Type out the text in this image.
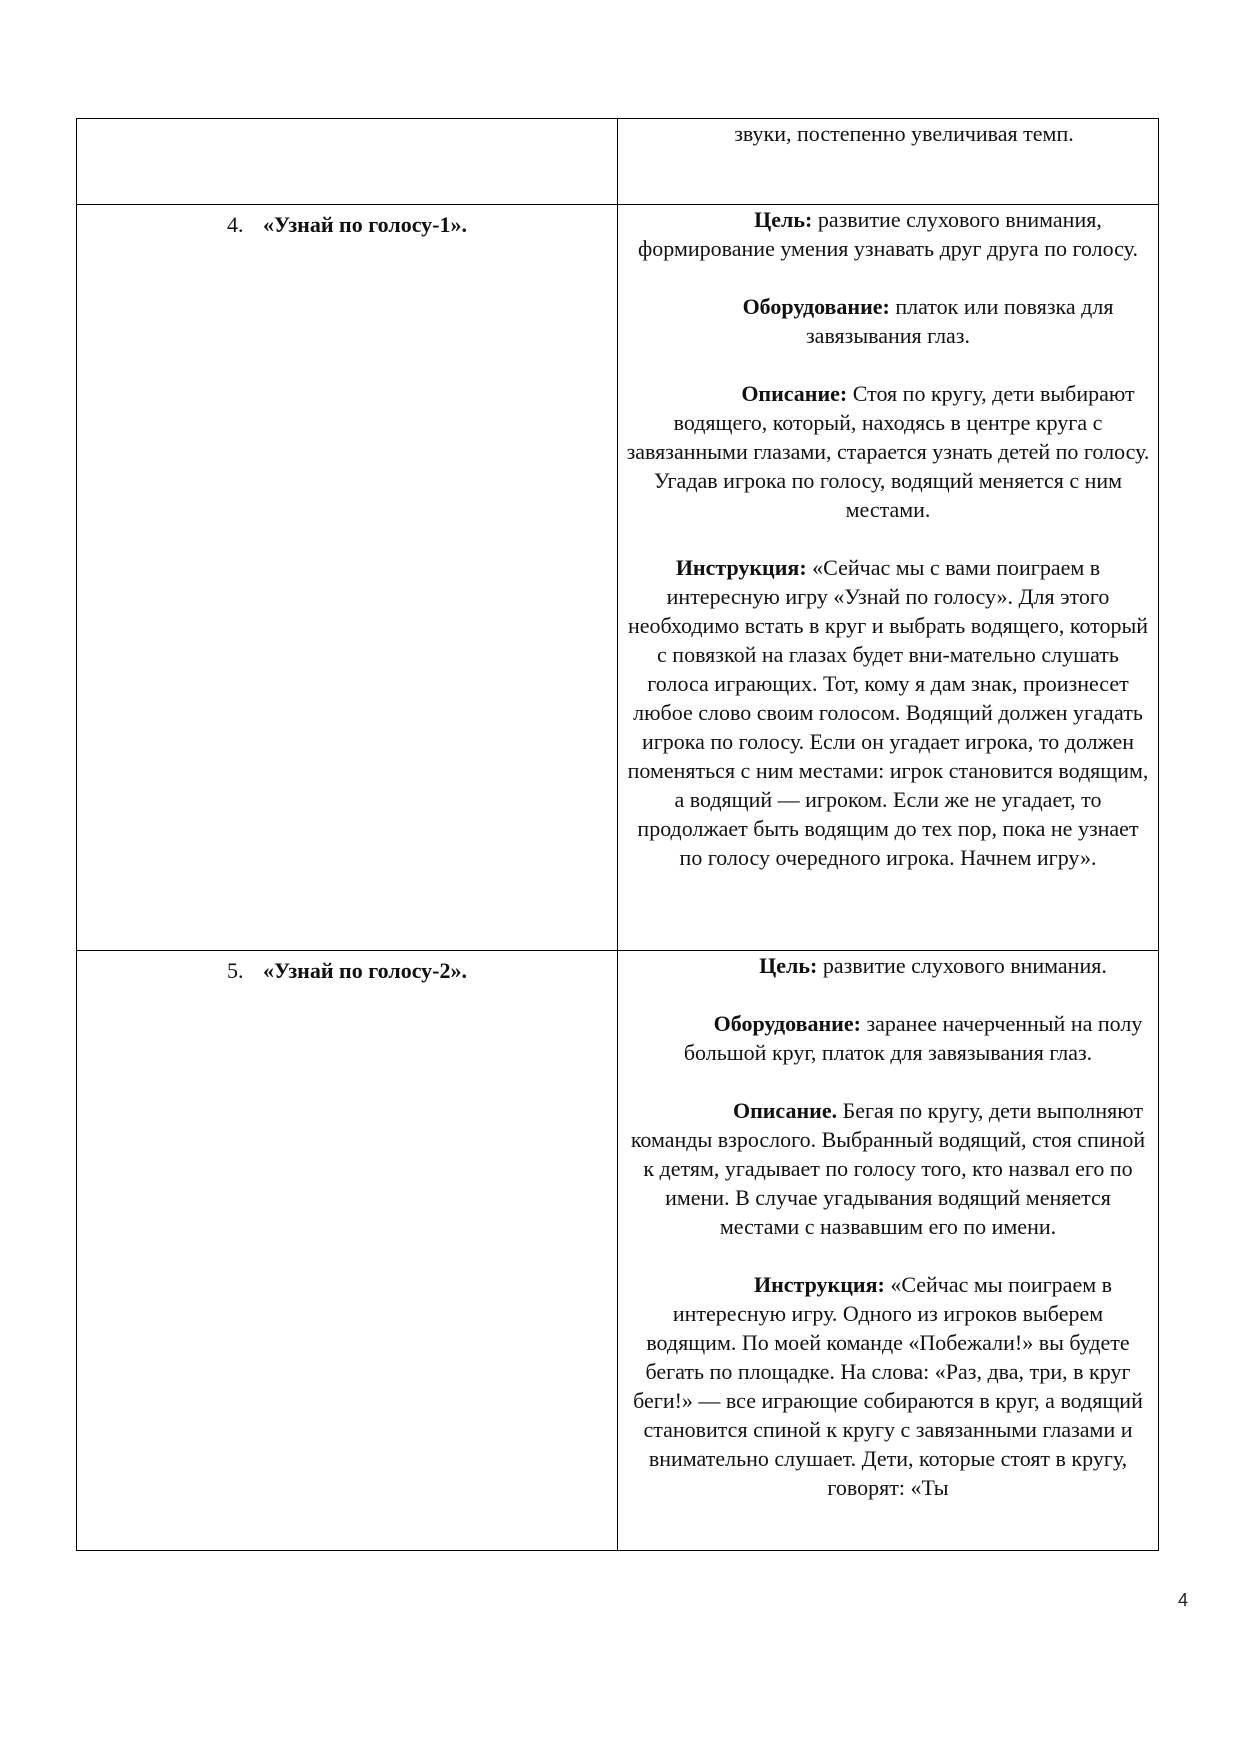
	звуки, постепенно увеличивая темп.

4. «Узнай по голосу-1».	Цель: развитие слухового внимания, формирование умения узнавать друг друга по голосу.

Оборудование: платок или повязка для завязывания глаз.

Описание: Стоя по кругу, дети выбирают водящего, который, находясь в центре круга с завязанными глазами, старается узнать детей по голосу. Угадав игрока по голосу, водящий меняется с ним местами.

Инструкция: «Сейчас мы с вами поиграем в интересную игру «Узнай по голосу». Для этого необходимо встать в круг и выбрать водящего, который с повязкой на глазах будет вни-мательно слушать голоса играющих. Тот, кому я дам знак, произнесет любое слово своим голосом. Водящий должен угадать игрока по голосу. Если он угадает игрока, то должен поменяться с ним местами: игрок становится водящим, а водящий — игроком. Если же не угадает, то продолжает быть водящим до тех пор, пока не узнает по голосу очередного игрока. Начнем игру».

5. «Узнай по голосу-2».	Цель: развитие слухового внимания.

Оборудование: заранее начерченный на полу большой круг, платок для завязывания глаз.

Описание. Бегая по кругу, дети выполняют команды взрослого. Выбранный водящий, стоя спиной к детям, угадывает по голосу того, кто назвал его по имени. В случае угадывания водящий меняется местами с назвавшим его по имени.

Инструкция: «Сейчас мы поиграем в интересную игру. Одного из игроков выберем водящим. По моей команде «Побежали!» вы будете бегать по площадке. На слова: «Раз, два, три, в круг беги!» — все играющие собираются в круг, а водящий становится спиной к кругу с завязанными глазами и внимательно слушает. Дети, которые стоят в кругу, говорят: «Ты

4
